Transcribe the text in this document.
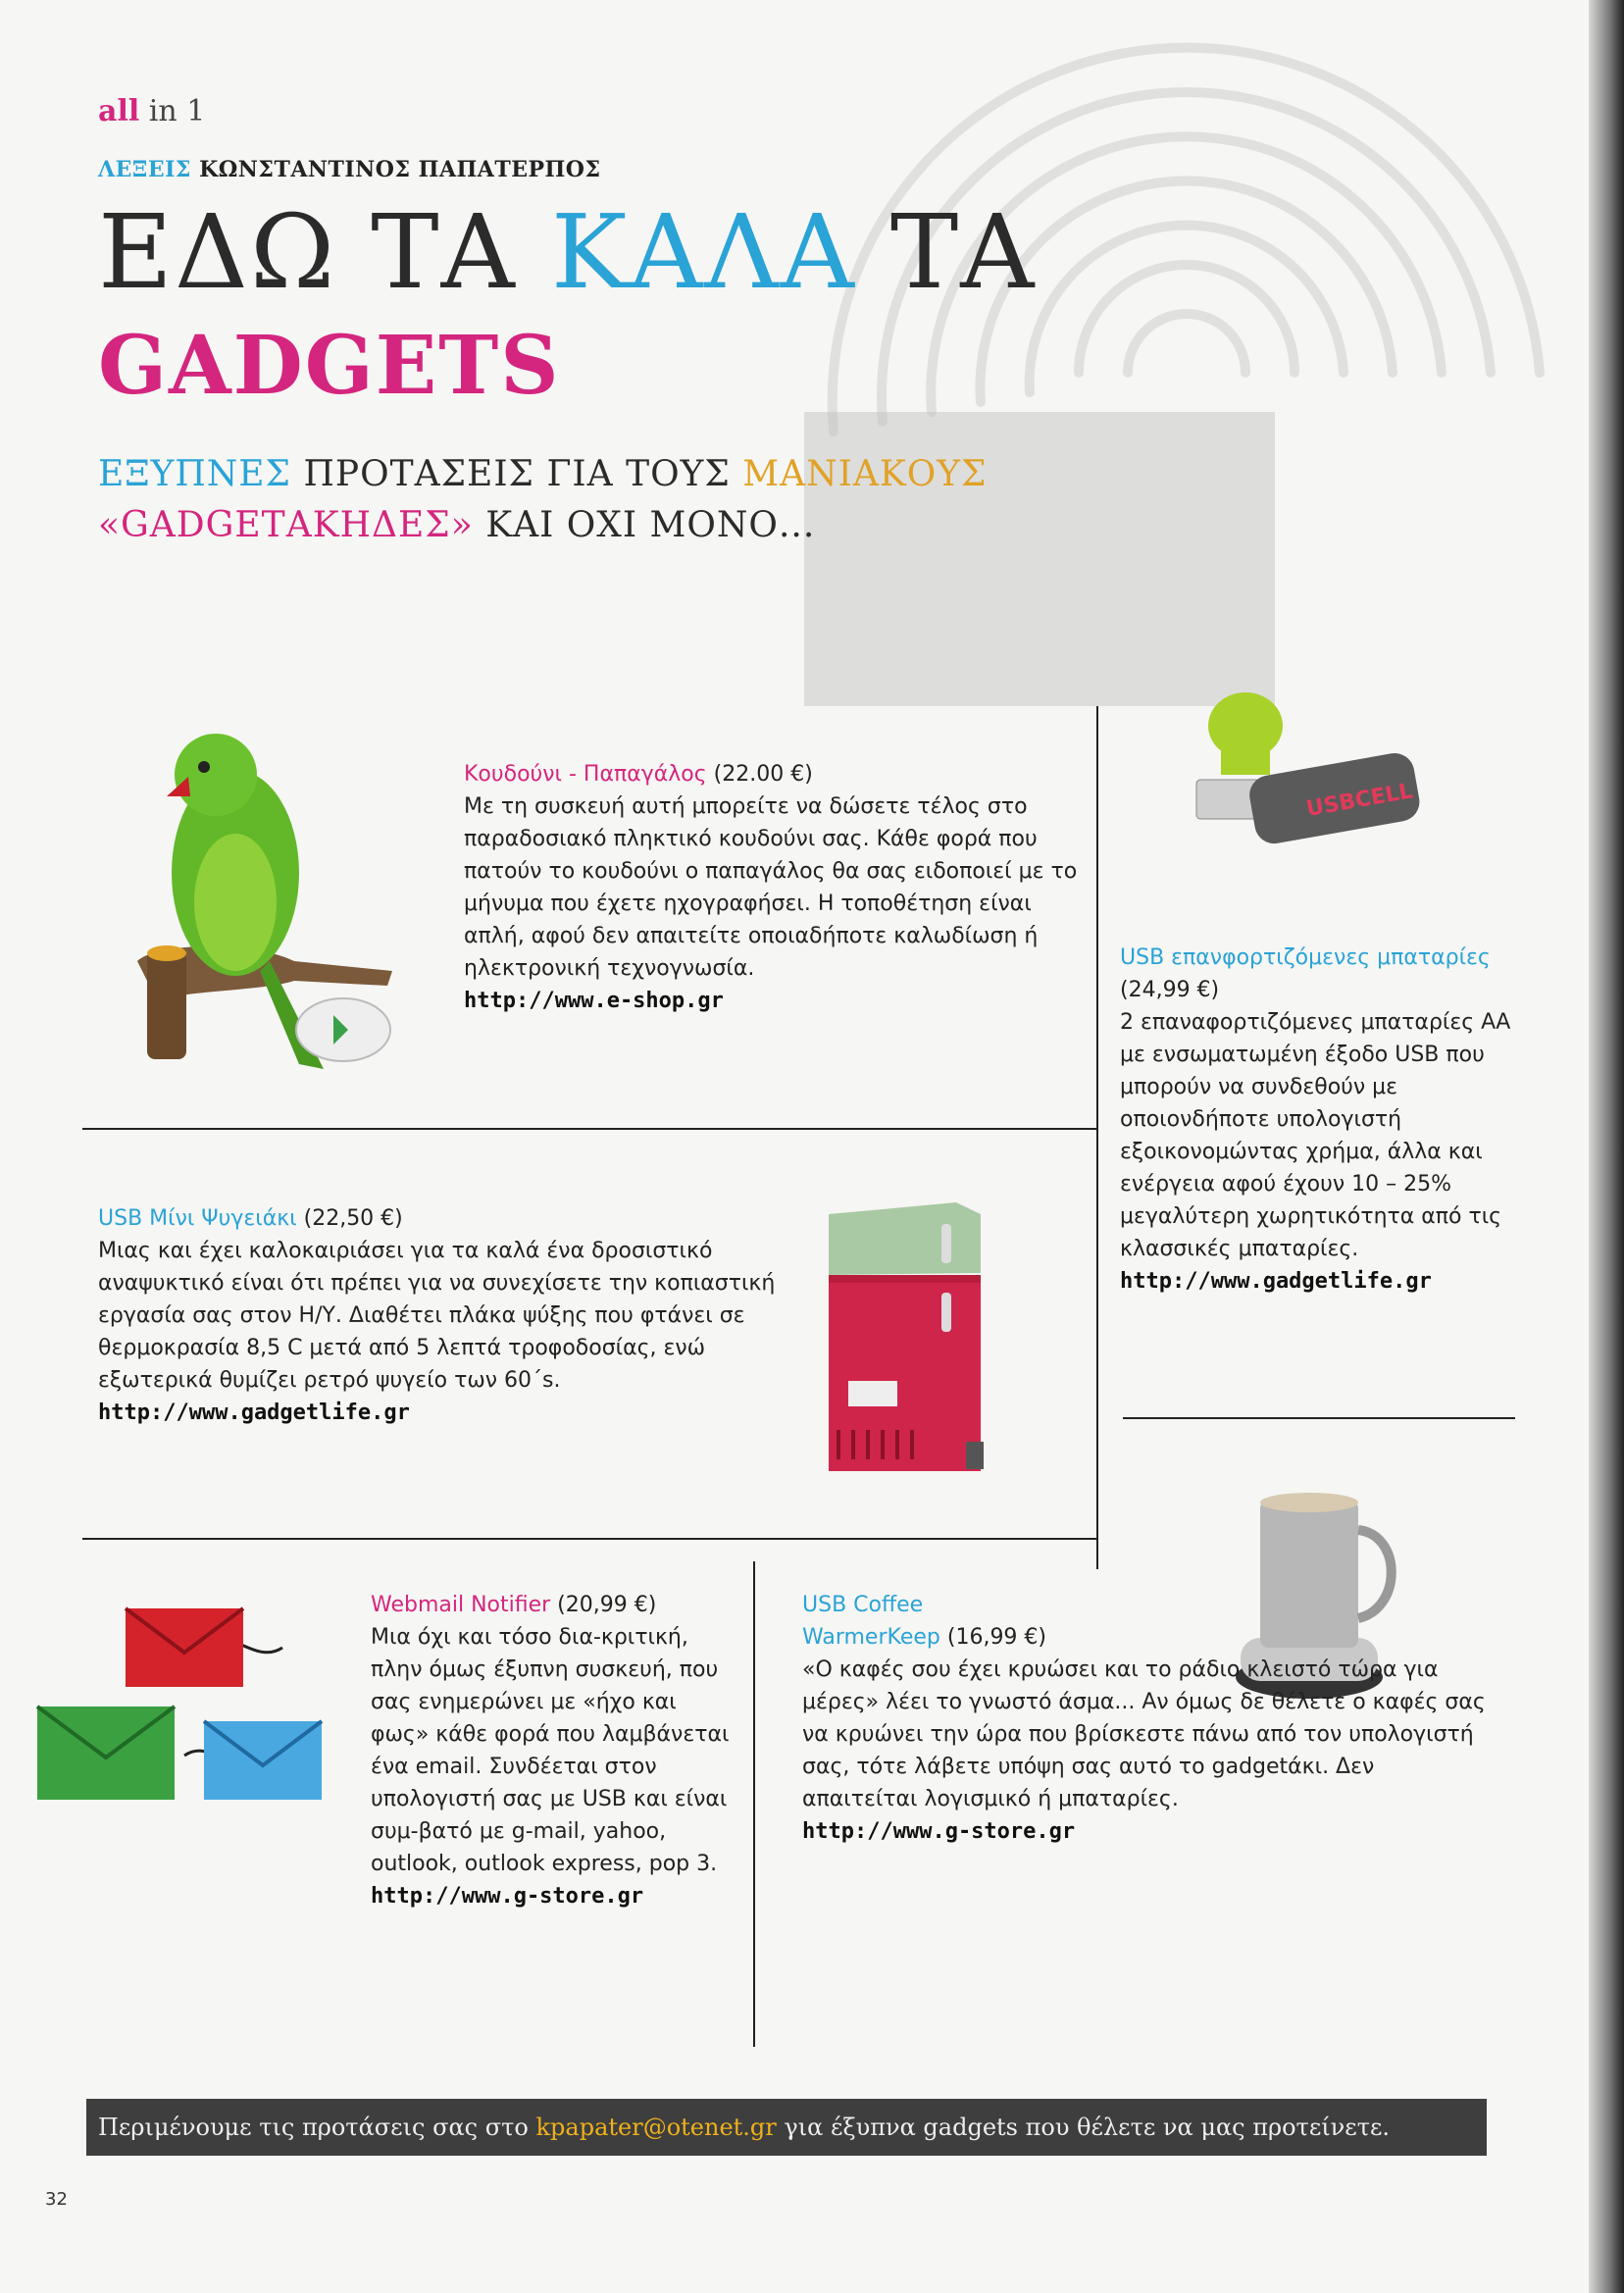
all in 1
ΛΕΞΕΙΣ ΚΩΝΣΤΑΝΤΙΝΟΣ ΠΑΠΑΤΕΡΠΟΣ
ΕΔΩ ΤΑ ΚΑΛΑ ΤΑ
GADGETS
ΕΞΥΠΝΕΣ ΠΡΟΤΑΣΕΙΣ ΓΙΑ ΤΟΥΣ ΜΑΝΙΑΚΟΥΣ
«GADGETΑΚΗΔΕΣ» ΚΑΙ ΟΧΙ ΜΟΝΟ...

Κουδούνι - Παπαγάλος (22.00 €)

Με τη συσκευή αυτή μπορείτε να δώσετε τέλος στο παραδοσιακό πληκτικό κουδούνι σας. Κάθε φορά που πατούν το κουδούνι ο παπαγάλος θα σας ειδοποιεί με το μήνυμα που έχετε ηχογραφήσει. Η τοποθέτηση είναι απλή, αφού δεν απαιτείτε οποιαδήποτε καλωδίωση ή ηλεκτρονική τεχνογνωσία.

http://www.e-shop.gr
USBCELL

USB επανφορτιζόμενες μπαταρίες (24,99 €)

2 επαναφορτιζόμενες μπαταρίες ΑΑ με ενσωματωμένη έξοδο USB που μπορούν να συνδεθούν με οποιονδήποτε υπολογιστή εξοικονομώντας χρήμα, άλλα και ενέργεια αφού έχουν 10 – 25% μεγαλύτερη χωρητικότητα από τις κλασσικές μπαταρίες.

http://www.gadgetlife.gr

USB Μίνι Ψυγειάκι (22,50 €)

Μιας και έχει καλοκαιριάσει για τα καλά ένα δροσιστικό αναψυκτικό είναι ότι πρέπει για να συνεχίσετε την κοπιαστική εργασία σας στον Η/Υ. Διαθέτει πλάκα ψύξης που φτάνει σε θερμοκρασία 8,5 C μετά από 5 λεπτά τροφοδοσίας, ενώ εξωτερικά θυμίζει ρετρό ψυγείο των 60΄s.

http://www.gadgetlife.gr

Webmail Notifier (20,99 €)

Μια όχι και τόσο δια-κριτική, πλην όμως έξυπνη συσκευή, που σας ενημερώνει με «ήχο και φως» κάθε φορά που λαμβάνεται ένα email. Συνδέεται στον υπολογιστή σας με USB και είναι συμ-βατό με g-mail, yahoo, outlook, outlook express, pop 3.

http://www.g-store.gr

USB Coffee

WarmerKeep (16,99 €)

«Ο καφές σου έχει κρυώσει και το ράδιο κλειστό τώρα για μέρες» λέει το γνωστό άσμα... Αν όμως δε θέλετε ο καφές σας να κρυώνει την ώρα που βρίσκεστε πάνω από τον υπολογιστή σας, τότε λάβετε υπόψη σας αυτό το gadgetάκι. Δεν απαιτείται λογισμικό ή μπαταρίες.

http://www.g-store.gr
Περιμένουμε τις προτάσεις σας στο kpapater@otenet.gr για έξυπνα gadgets που θέλετε να μας προτείνετε.
32
